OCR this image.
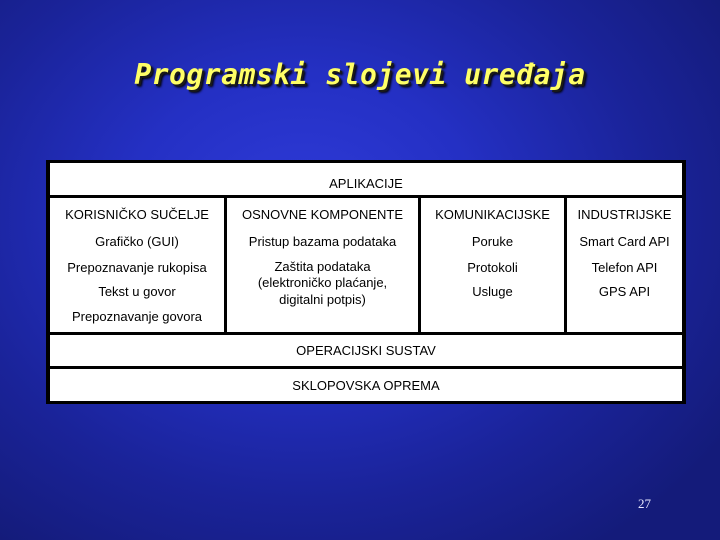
Programski slojevi uređaja
APLIKACIJE
KORISNIČKO SUČELJE
Grafičko (GUI)
Prepoznavanje rukopisa
Tekst u govor
Prepoznavanje govora
OSNOVNE KOMPONENTE
Pristup bazama podataka
Zaštita podataka (elektroničko plaćanje, digitalni potpis)
KOMUNIKACIJSKE
Poruke
Protokoli
Usluge
INDUSTRIJSKE
Smart Card API
Telefon API
GPS API
OPERACIJSKI SUSTAV
SKLOPOVSKA OPREMA
27
